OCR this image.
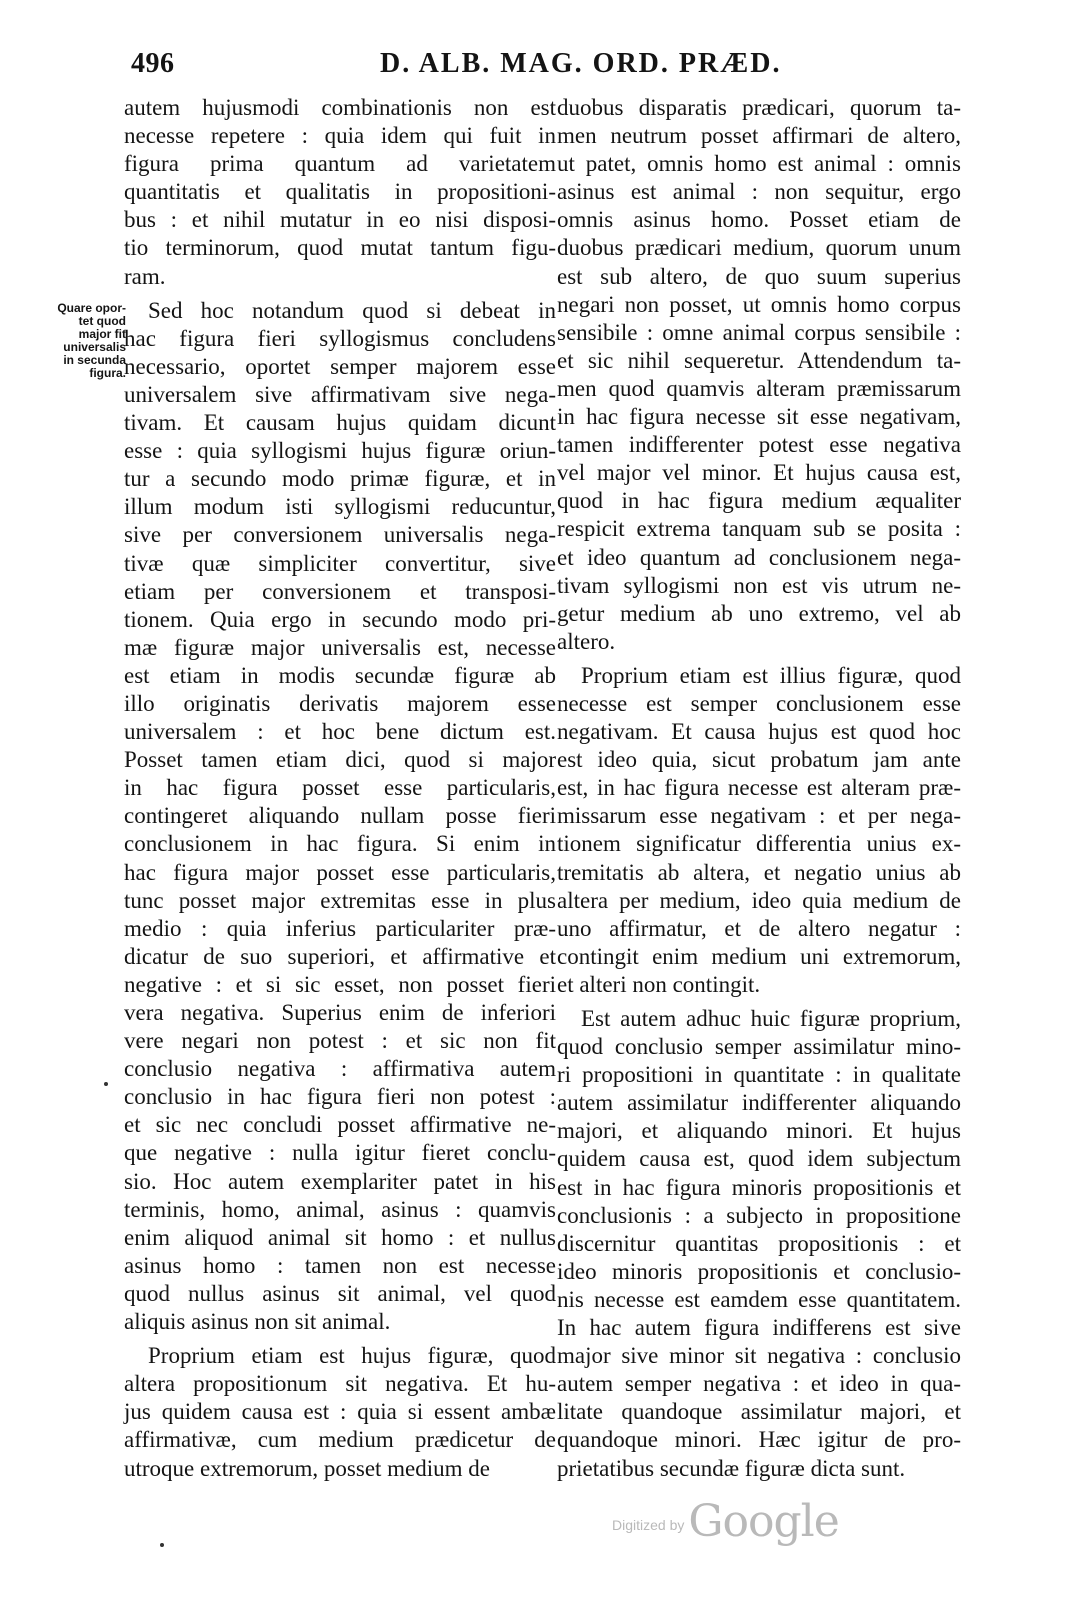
496	D. ALB. MAG. ORD. PRÆD.
Quare opor-
tet quod
major fit
universalis
in secunda
figura.

autem hujusmodi combinationis non est

necesse repetere : quia idem qui fuit in

figura prima quantum ad varietatem

quantitatis et qualitatis in propositioni-

bus : et nihil mutatur in eo nisi disposi-

tio terminorum, quod mutat tantum figu-

ram.

Sed hoc notandum quod si debeat in

hac figura fieri syllogismus concludens

necessario, oportet semper majorem esse

universalem sive affirmativam sive nega-

tivam. Et causam hujus quidam dicunt

esse : quia syllogismi hujus figuræ oriun-

tur a secundo modo primæ figuræ, et in

illum modum isti syllogismi reducuntur,

sive per conversionem universalis nega-

tivæ quæ simpliciter convertitur, sive

etiam per conversionem et transposi-

tionem. Quia ergo in secundo modo pri-

mæ figuræ major universalis est, necesse

est etiam in modis secundæ figuræ ab

illo originatis derivatis majorem esse

universalem : et hoc bene dictum est.

Posset tamen etiam dici, quod si major

in hac figura posset esse particularis,

contingeret aliquando nullam posse fieri

conclusionem in hac figura. Si enim in

hac figura major posset esse particularis,

tunc posset major extremitas esse in plus

medio : quia inferius particulariter præ-

dicatur de suo superiori, et affirmative et

negative : et si sic esset, non posset fieri

vera negativa. Superius enim de inferiori

vere negari non potest : et sic non fit

conclusio negativa : affirmativa autem

conclusio in hac figura fieri non potest :

et sic nec concludi posset affirmative ne-

que negative : nulla igitur fieret conclu-

sio. Hoc autem exemplariter patet in his

terminis, homo, animal, asinus : quamvis

enim aliquod animal sit homo : et nullus

asinus homo : tamen non est necesse

quod nullus asinus sit animal, vel quod

aliquis asinus non sit animal.

Proprium etiam est hujus figuræ, quod

altera propositionum sit negativa. Et hu-

jus quidem causa est : quia si essent ambæ

affirmativæ, cum medium prædicetur de

utroque extremorum, posset medium de

duobus disparatis prædicari, quorum ta-

men neutrum posset affirmari de altero,

ut patet, omnis homo est animal : omnis

asinus est animal : non sequitur, ergo

omnis asinus homo. Posset etiam de

duobus prædicari medium, quorum unum

est sub altero, de quo suum superius

negari non posset, ut omnis homo corpus

sensibile : omne animal corpus sensibile :

et sic nihil sequeretur. Attendendum ta-

men quod quamvis alteram præmissarum

in hac figura necesse sit esse negativam,

tamen indifferenter potest esse negativa

vel major vel minor. Et hujus causa est,

quod in hac figura medium æqualiter

respicit extrema tanquam sub se posita :

et ideo quantum ad conclusionem nega-

tivam syllogismi non est vis utrum ne-

getur medium ab uno extremo, vel ab

altero.

Proprium etiam est illius figuræ, quod

necesse est semper conclusionem esse

negativam. Et causa hujus est quod hoc

est ideo quia, sicut probatum jam ante

est, in hac figura necesse est alteram præ-

missarum esse negativam : et per nega-

tionem significatur differentia unius ex-

tremitatis ab altera, et negatio unius ab

altera per medium, ideo quia medium de

uno affirmatur, et de altero negatur :

contingit enim medium uni extremorum,

et alteri non contingit.

Est autem adhuc huic figuræ proprium,

quod conclusio semper assimilatur mino-

ri propositioni in quantitate : in qualitate

autem assimilatur indifferenter aliquando

majori, et aliquando minori. Et hujus

quidem causa est, quod idem subjectum

est in hac figura minoris propositionis et

conclusionis : a subjecto in propositione

discernitur quantitas propositionis : et

ideo minoris propositionis et conclusio-

nis necesse est eamdem esse quantitatem.

In hac autem figura indifferens est sive

major sive minor sit negativa : conclusio

autem semper negativa : et ideo in qua-

litate quandoque assimilatur majori, et

quandoque minori. Hæc igitur de pro-

prietatibus secundæ figuræ dicta sunt.

Digitized byGoogle
